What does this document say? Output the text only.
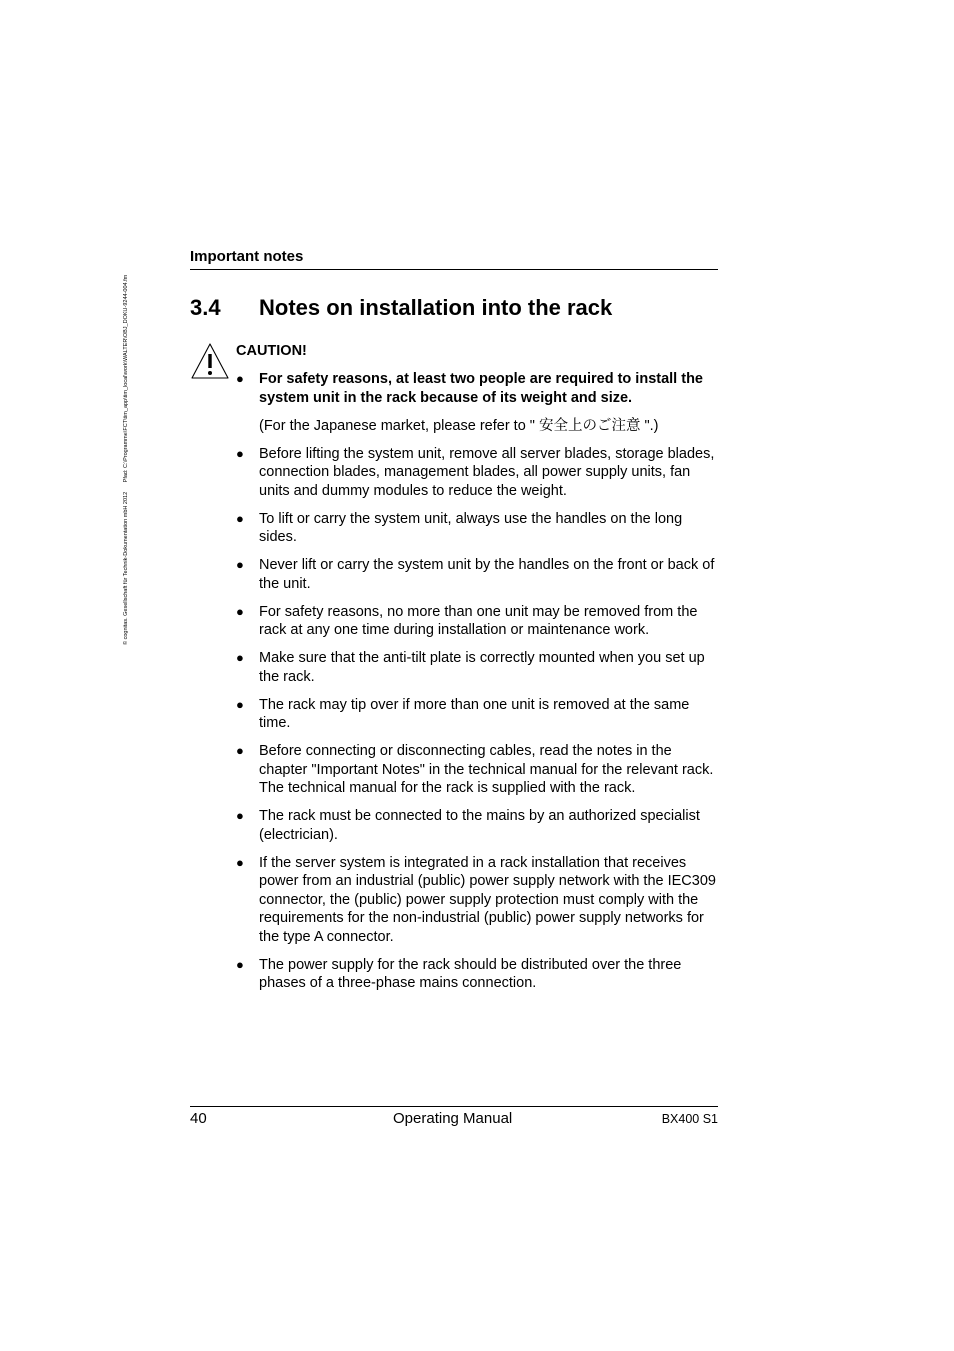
© cognitas. Gesellschaft für Technik-Dokumentation mbH 2012 Pfad: C:\Programme\FCT\tim_app\tim_local\work\WALTER\OBJ_DOKU-9244-004.fm
Important notes
3.4 Notes on installation into the rack
CAUTION!
● For safety reasons, at least two people are required to install the system unit in the rack because of its weight and size.
(For the Japanese market, please refer to " 安全上のご注意 ".)
● Before lifting the system unit, remove all server blades, storage blades, connection blades, management blades, all power supply units, fan units and dummy modules to reduce the weight.
● To lift or carry the system unit, always use the handles on the long sides.
● Never lift or carry the system unit by the handles on the front or back of the unit.
● For safety reasons, no more than one unit may be removed from the rack at any one time during installation or maintenance work.
● Make sure that the anti-tilt plate is correctly mounted when you set up the rack.
● The rack may tip over if more than one unit is removed at the same time.
● Before connecting or disconnecting cables, read the notes in the chapter "Important Notes" in the technical manual for the relevant rack. The technical manual for the rack is supplied with the rack.
● The rack must be connected to the mains by an authorized specialist (electrician).
● If the server system is integrated in a rack installation that receives power from an industrial (public) power supply network with the IEC309 connector, the (public) power supply protection must comply with the requirements for the non-industrial (public) power supply networks for the type A connector.
● The power supply for the rack should be distributed over the three phases of a three-phase mains connection.
40	Operating Manual	BX400 S1
